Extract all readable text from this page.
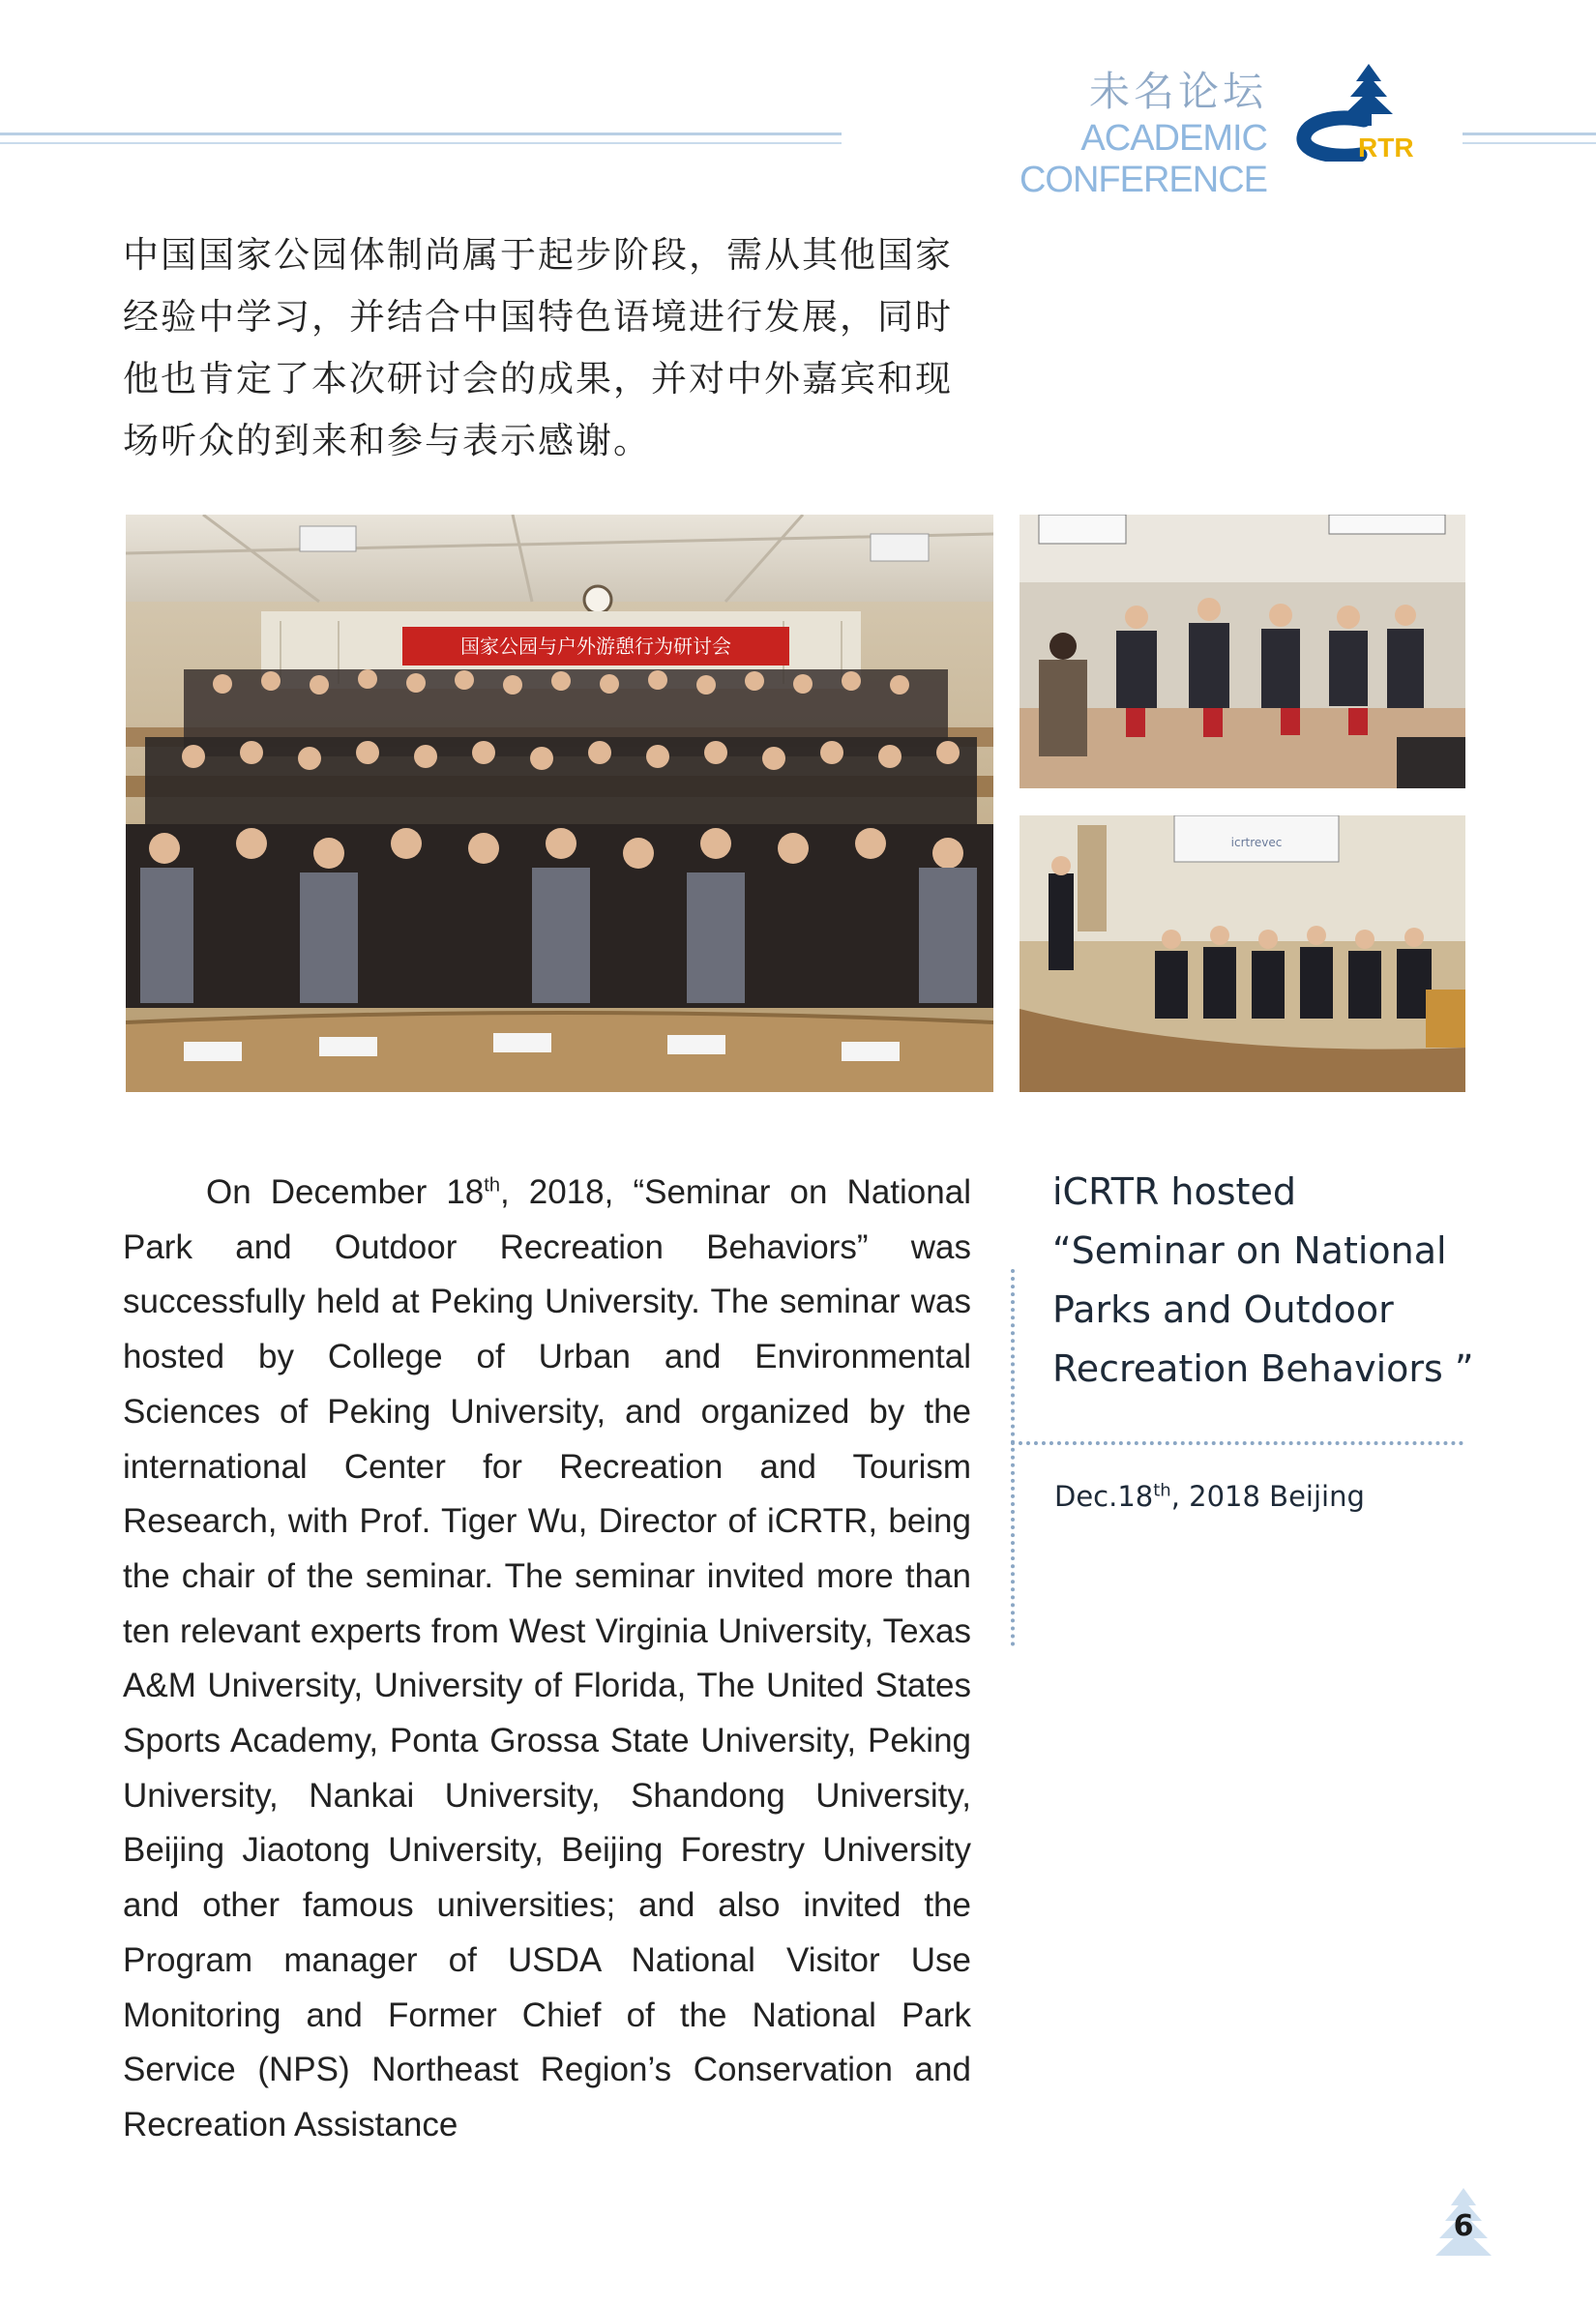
未名论坛
ACADEMIC CONFERENCE
RTR
中国国家公园体制尚属于起步阶段，需从其他国家经验中学习，并结合中国特色语境进行发展，同时他也肯定了本次研讨会的成果，并对中外嘉宾和现场听众的到来和参与表示感谢。
国家公园与户外游憩行为研讨会
icrtrevec

On December 18th, 2018, “Seminar on National Park and Outdoor Recreation Behaviors” was successfully held at Peking University. The seminar was hosted by College of Urban and Environmental Sciences of Peking University, and organized by the international Center for Recreation and Tourism Research, with Prof. Tiger Wu, Director of iCRTR, being the chair of the seminar. The seminar invited more than ten relevant experts from West Virginia University, Texas A&M University, University of Florida, The United States Sports Academy, Ponta Grossa State University, Peking University, Nankai University, Shandong University, Beijing Jiaotong University, Beijing Forestry University and other famous universities; and also invited the Program manager of USDA National Visitor Use Monitoring and Former Chief of the National Park Service (NPS) Northeast Region’s Conservation and Recreation Assistance

iCRTR hosted
“Seminar on National
Parks and Outdoor
Recreation Behaviors ”
Dec.18th, 2018 Beijing
6
